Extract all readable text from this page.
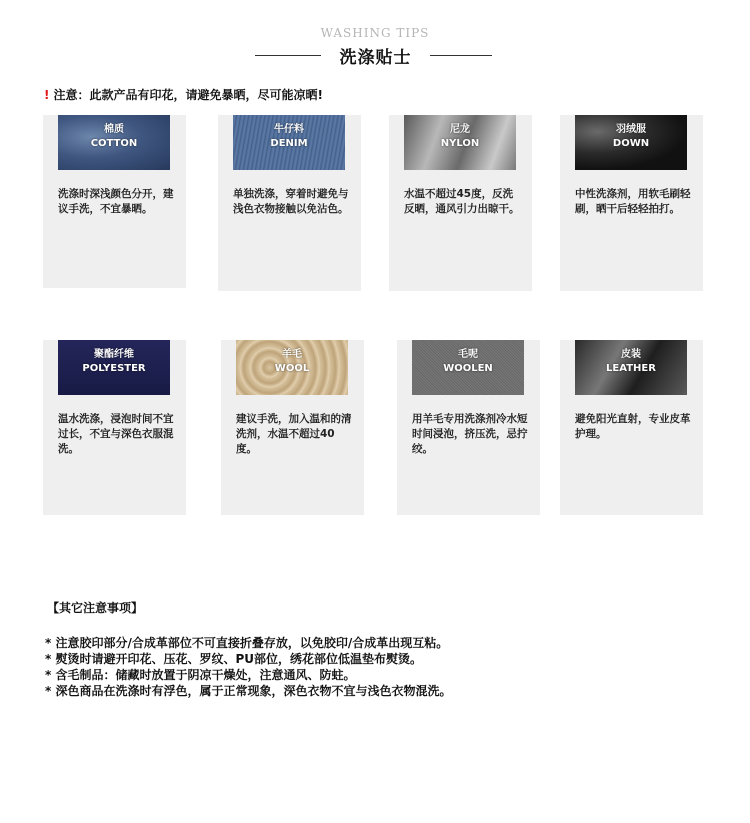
WASHING TIPS
洗涤贴士
! 注意：此款产品有印花，请避免暴晒，尽可能凉晒!
棉质
COTTON
洗涤时深浅颜色分开，建议手洗，不宜暴晒。
牛仔料
DENIM
单独洗涤，穿着时避免与浅色衣物接触以免沾色。
尼龙
NYLON
水温不超过45度，反洗反晒，通风引力出晾干。
羽绒服
DOWN
中性洗涤剂，用软毛刷轻刷，晒干后轻轻拍打。
聚酯纤维
POLYESTER
温水洗涤，浸泡时间不宜过长，不宜与深色衣服混洗。
羊毛
WOOL
建议手洗，加入温和的清洗剂，水温不超过40度。
毛呢
WOOLEN
用羊毛专用洗涤剂冷水短时间浸泡，挤压洗，忌拧绞。
皮装
LEATHER
避免阳光直射，专业皮革护理。
【其它注意事项】
* 注意胶印部分/合成革部位不可直接折叠存放，以免胶印/合成革出现互粘。
* 熨烫时请避开印花、压花、罗纹、PU部位，绣花部位低温垫布熨烫。
* 含毛制品：储藏时放置于阴凉干燥处，注意通风、防蛀。
* 深色商品在洗涤时有浮色，属于正常现象，深色衣物不宜与浅色衣物混洗。
